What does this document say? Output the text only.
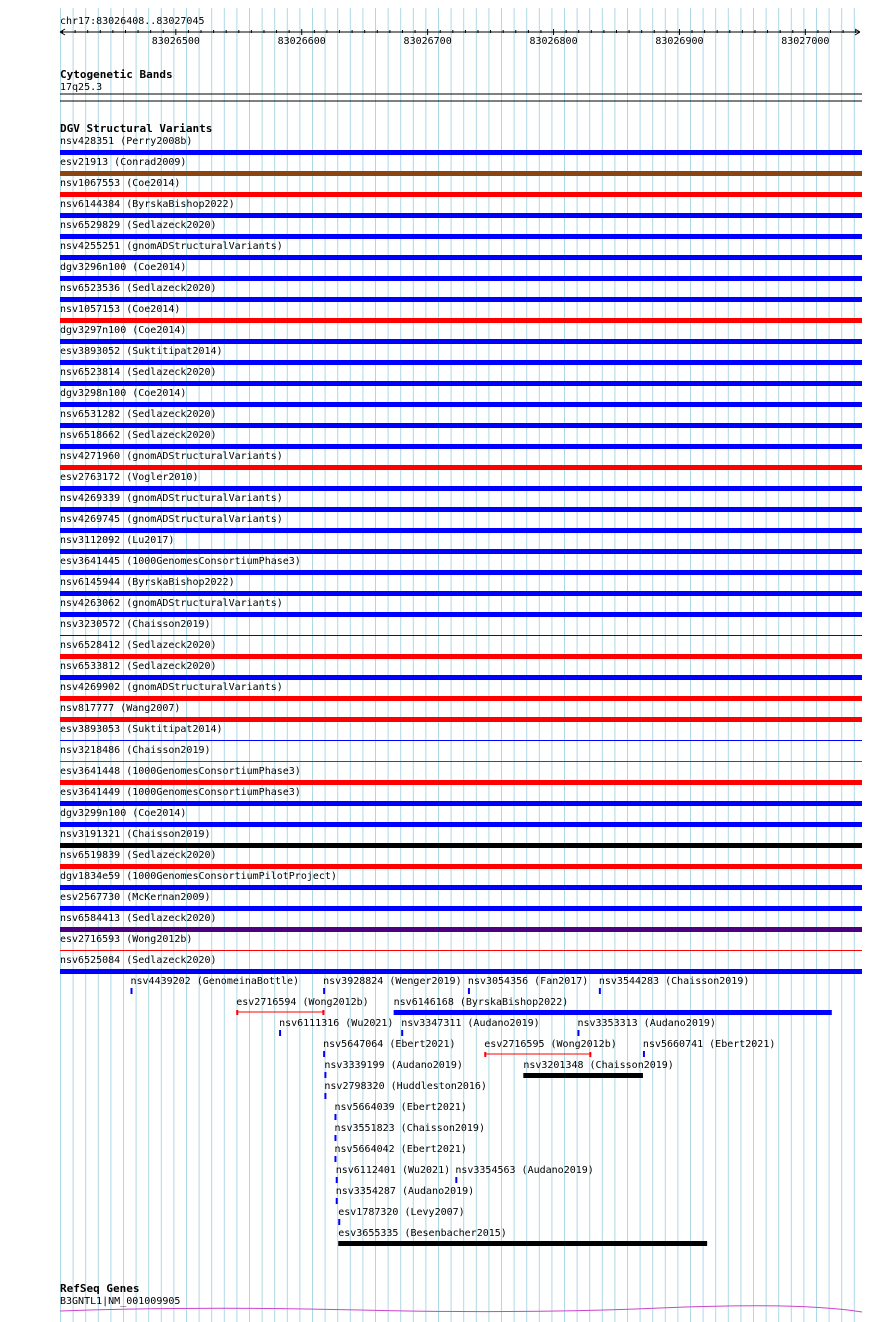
chr17:83026408..83027045
83026500	83026600	83026700	83026800	83026900	83027000
Cytogenetic Bands
17q25.3
DGV Structural Variants
nsv428351 (Perry2008b)
esv21913 (Conrad2009)
nsv1067553 (Coe2014)
nsv6144384 (ByrskaBishop2022)
nsv6529829 (Sedlazeck2020)
nsv4255251 (gnomADStructuralVariants)
dgv3296n100 (Coe2014)
nsv6523536 (Sedlazeck2020)
nsv1057153 (Coe2014)
dgv3297n100 (Coe2014)
esv3893052 (Suktitipat2014)
nsv6523814 (Sedlazeck2020)
dgv3298n100 (Coe2014)
nsv6531282 (Sedlazeck2020)
nsv6518662 (Sedlazeck2020)
nsv4271960 (gnomADStructuralVariants)
esv2763172 (Vogler2010)
nsv4269339 (gnomADStructuralVariants)
nsv4269745 (gnomADStructuralVariants)
nsv3112092 (Lu2017)
esv3641445 (1000GenomesConsortiumPhase3)
nsv6145944 (ByrskaBishop2022)
nsv4263062 (gnomADStructuralVariants)
nsv3230572 (Chaisson2019)
nsv6528412 (Sedlazeck2020)
nsv6533812 (Sedlazeck2020)
nsv4269902 (gnomADStructuralVariants)
nsv817777 (Wang2007)
esv3893053 (Suktitipat2014)
nsv3218486 (Chaisson2019)
esv3641448 (1000GenomesConsortiumPhase3)
esv3641449 (1000GenomesConsortiumPhase3)
dgv3299n100 (Coe2014)
nsv3191321 (Chaisson2019)
nsv6519839 (Sedlazeck2020)
dgv1834e59 (1000GenomesConsortiumPilotProject)
esv2567730 (McKernan2009)
nsv6584413 (Sedlazeck2020)
esv2716593 (Wong2012b)
nsv6525084 (Sedlazeck2020)
nsv4439202 (GenomeinaBottle) nsv3928824 (Wenger2019) nsv3054356 (Fan2017) nsv3544283 (Chaisson2019)
esv2716594 (Wong2012b) nsv6146168 (ByrskaBishop2022)
nsv6111316 (Wu2021) nsv3347311 (Audano2019)	nsv3353313 (Audano2019)
nsv5647064 (Ebert2021)	esv2716595 (Wong2012b)	nsv5660741 (Ebert2021)
nsv3339199 (Audano2019)	nsv3201348 (Chaisson2019)
nsv2798320 (Huddleston2016)
nsv5664039 (Ebert2021)
nsv3551823 (Chaisson2019)
nsv5664042 (Ebert2021)
nsv6112401 (Wu2021) nsv3354563 (Audano2019)
nsv3354287 (Audano2019)
esv1787320 (Levy2007)
esv3655335 (Besenbacher2015)
RefSeq Genes
B3GNTL1|NM_001009905
